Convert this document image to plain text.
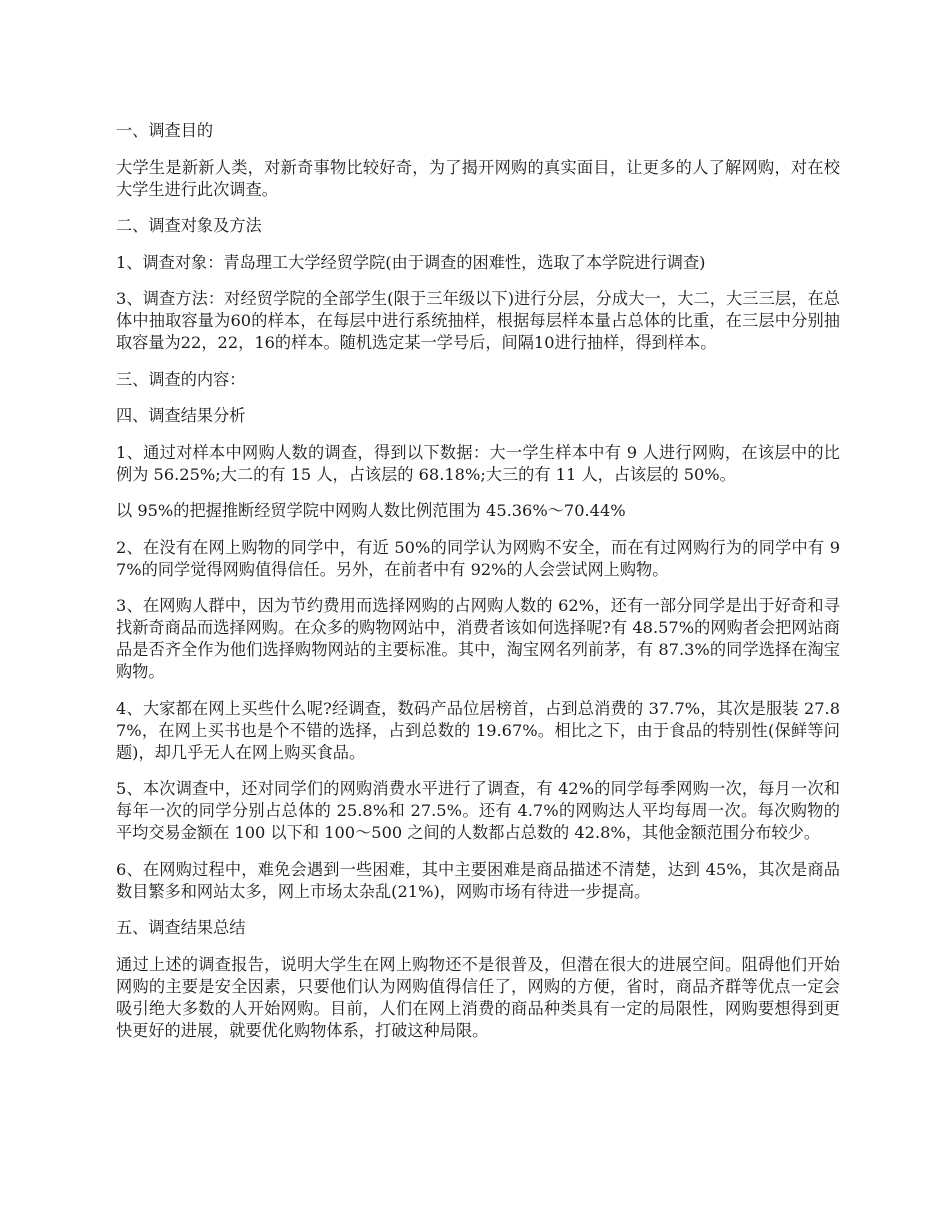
一、调查目的
大学生是新新人类，对新奇事物比较好奇，为了揭开网购的真实面目，让更多的人了解网购，对在校大学生进行此次调查。
二、调查对象及方法
1、调查对象：青岛理工大学经贸学院(由于调查的困难性，选取了本学院进行调查)
3、调查方法：对经贸学院的全部学生(限于三年级以下)进行分层，分成大一，大二，大三三层，在总体中抽取容量为60的样本，在每层中进行系统抽样，根据每层样本量占总体的比重，在三层中分别抽取容量为22，22，16的样本。随机选定某一学号后，间隔10进行抽样，得到样本。
三、调查的内容：
四、调查结果分析
1、通过对样本中网购人数的调查，得到以下数据：大一学生样本中有 9 人进行网购，在该层中的比例为 56.25%;大二的有 15 人，占该层的 68.18%;大三的有 11 人，占该层的 50%。
以 95%的把握推断经贸学院中网购人数比例范围为 45.36%～70.44%
2、在没有在网上购物的同学中，有近 50%的同学认为网购不安全，而在有过网购行为的同学中有 97%的同学觉得网购值得信任。另外，在前者中有 92%的人会尝试网上购物。
3、在网购人群中，因为节约费用而选择网购的占网购人数的 62%，还有一部分同学是出于好奇和寻找新奇商品而选择网购。在众多的购物网站中，消费者该如何选择呢?有 48.57%的网购者会把网站商品是否齐全作为他们选择购物网站的主要标准。其中，淘宝网名列前茅，有 87.3%的同学选择在淘宝购物。
4、大家都在网上买些什么呢?经调查，数码产品位居榜首，占到总消费的 37.7%，其次是服装 27.87%，在网上买书也是个不错的选择，占到总数的 19.67%。相比之下，由于食品的特别性(保鲜等问题)，却几乎无人在网上购买食品。
5、本次调查中，还对同学们的网购消费水平进行了调查，有 42%的同学每季网购一次，每月一次和每年一次的同学分别占总体的 25.8%和 27.5%。还有 4.7%的网购达人平均每周一次。每次购物的平均交易金额在 100 以下和 100～500 之间的人数都占总数的 42.8%，其他金额范围分布较少。
6、在网购过程中，难免会遇到一些困难，其中主要困难是商品描述不清楚，达到 45%，其次是商品数目繁多和网站太多，网上市场太杂乱(21%)，网购市场有待进一步提高。
五、调查结果总结
通过上述的调查报告，说明大学生在网上购物还不是很普及，但潜在很大的进展空间。阻碍他们开始网购的主要是安全因素，只要他们认为网购值得信任了，网购的方便，省时，商品齐群等优点一定会吸引绝大多数的人开始网购。目前，人们在网上消费的商品种类具有一定的局限性，网购要想得到更快更好的进展，就要优化购物体系，打破这种局限。
